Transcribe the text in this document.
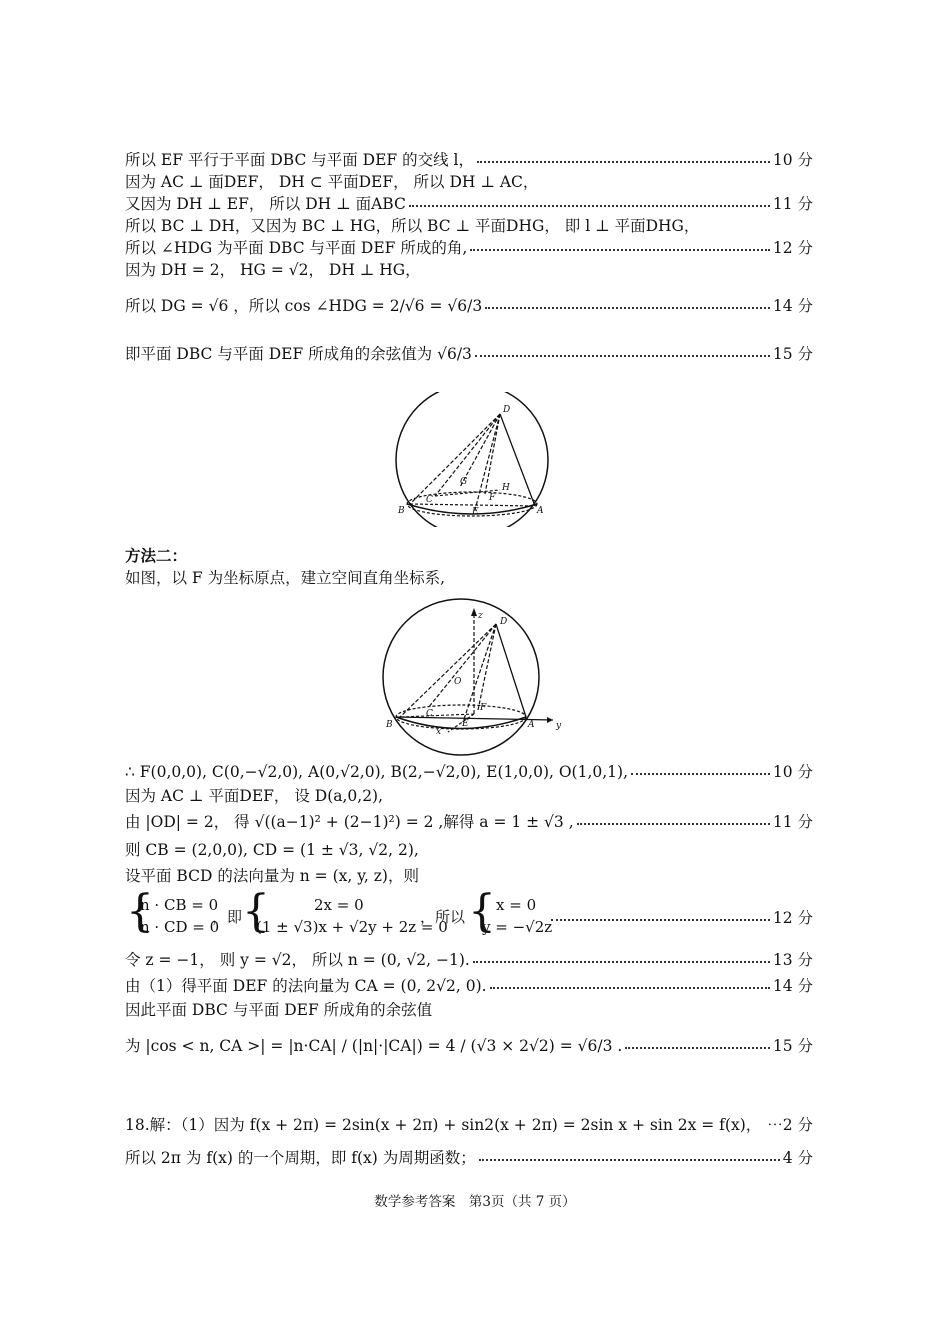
所以 EF 平行于平面 DBC 与平面 DEF 的交线 l，	10 分
因为 AC ⊥ 面DEF， DH ⊂ 平面DEF， 所以 DH ⊥ AC，
又因为 DH ⊥ EF， 所以 DH ⊥ 面ABC	11 分
所以 BC ⊥ DH，又因为 BC ⊥ HG，所以 BC ⊥ 平面DHG， 即 l ⊥ 平面DHG，
所以 ∠HDG 为平面 DBC 与平面 DEF 所成的角,	12 分
因为 DH = 2， HG = √2， DH ⊥ HG，
所以 DG = √6 ，所以 cos ∠HDG = 2/√6 = √6/3	14 分
即平面 DBC 与平面 DEF 所成角的余弦值为 √6/3	15 分
D
G
H
C	F
E
B	A
方法二：
如图，以 F 为坐标原点，建立空间直角坐标系,
z
D
O
C
F
E
B	A
x
y
∴ F(0,0,0), C(0,−√2,0), A(0,√2,0), B(2,−√2,0), E(1,0,0), O(1,0,1),	10 分
因为 AC ⊥ 平面DEF， 设 D(a,0,2),
由 |OD| = 2， 得 √((a−1)² + (2−1)²) = 2 ,解得 a = 1 ± √3 ,	11 分
则 CB = (2,0,0), CD = (1 ± √3, √2, 2),
设平面 BCD 的法向量为 n = (x, y, z)，则
{
n · CB = 0
n · CD = 0
，即 {	2x = 0
(1 ± √3)x + √2y + 2z = 0
，所以 { x = 0
y = −√2z	12 分
令 z = −1， 则 y = √2， 所以 n = (0, √2, −1).	13 分
由（1）得平面 DEF 的法向量为 CA = (0, 2√2, 0).	14 分
因此平面 DBC 与平面 DEF 所成角的余弦值
为 |cos < n, CA >| = |n·CA| / (|n|·|CA|) = 4 / (√3 × 2√2) = √6/3 .	15 分
18.解：（1）因为 f(x + 2π) = 2sin(x + 2π) + sin2(x + 2π) = 2sin x + sin 2x = f(x)， ⋯2 分
所以 2π 为 f(x) 的一个周期，即 f(x) 为周期函数；	4 分
数学参考答案　第3页（共 7 页）
